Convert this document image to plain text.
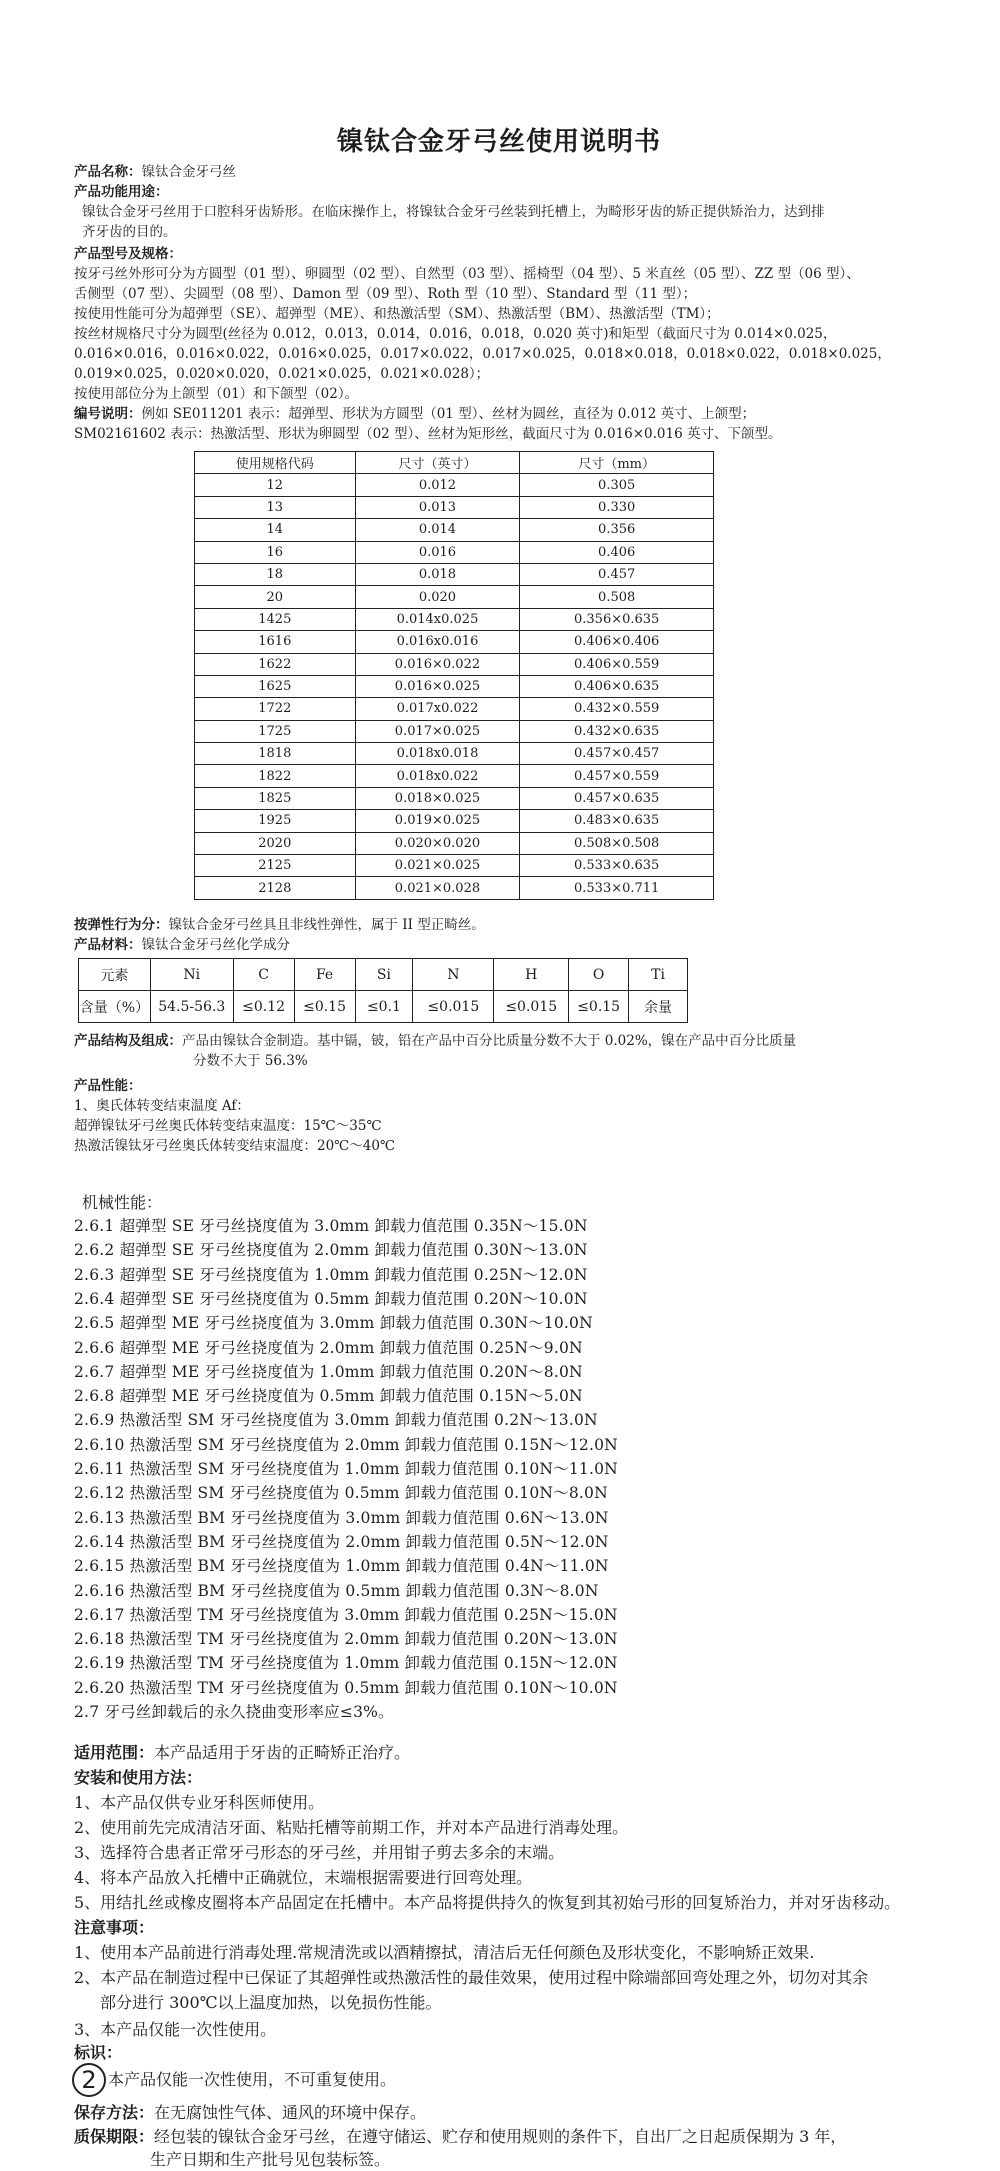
镍钛合金牙弓丝使用说明书
产品名称：镍钛合金牙弓丝
产品功能用途：
镍钛合金牙弓丝用于口腔科牙齿矫形。在临床操作上，将镍钛合金牙弓丝装到托槽上，为畸形牙齿的矫正提供矫治力，达到排
齐牙齿的目的。
产品型号及规格：
按牙弓丝外形可分为方圆型（01 型）、卵圆型（02 型）、自然型（03 型）、摇椅型（04 型）、5 米直丝（05 型）、ZZ 型（06 型）、
舌侧型（07 型）、尖圆型（08 型）、Damon 型（09 型）、Roth 型（10 型）、Standard 型（11 型）；
按使用性能可分为超弹型（SE）、超弹型（ME）、和热激活型（SM）、热激活型（BM）、热激活型（TM）；
按丝材规格尺寸分为圆型(丝径为 0.012，0.013，0.014，0.016，0.018，0.020 英寸)和矩型（截面尺寸为 0.014×0.025，
0.016×0.016，0.016×0.022，0.016×0.025，0.017×0.022，0.017×0.025，0.018×0.018，0.018×0.022，0.018×0.025，
0.019×0.025，0.020×0.020，0.021×0.025，0.021×0.028）；
按使用部位分为上颌型（01）和下颌型（02）。
编号说明：例如 SE011201 表示：超弹型、形状为方圆型（01 型）、丝材为圆丝，直径为 0.012 英寸、上颌型；
SM02161602 表示：热激活型、形状为卵圆型（02 型）、丝材为矩形丝，截面尺寸为 0.016×0.016 英寸、下颌型。
使用规格代码	尺寸（英寸）	尺寸（mm）
12	0.012	0.305
13	0.013	0.330
14	0.014	0.356
16	0.016	0.406
18	0.018	0.457
20	0.020	0.508
1425	0.014x0.025	0.356×0.635
1616	0.016x0.016	0.406×0.406
1622	0.016×0.022	0.406×0.559
1625	0.016×0.025	0.406×0.635
1722	0.017x0.022	0.432×0.559
1725	0.017×0.025	0.432×0.635
1818	0.018x0.018	0.457×0.457
1822	0.018x0.022	0.457×0.559
1825	0.018×0.025	0.457×0.635
1925	0.019×0.025	0.483×0.635
2020	0.020×0.020	0.508×0.508
2125	0.021×0.025	0.533×0.635
2128	0.021×0.028	0.533×0.711
按弹性行为分：镍钛合金牙弓丝具且非线性弹性，属于 II 型正畸丝。
产品材料：镍钛合金牙弓丝化学成分
元素	Ni	C	Fe	Si	N	H	O	Ti
含量（%）	54.5-56.3	≤0.12	≤0.15	≤0.1	≤0.015	≤0.015	≤0.15	余量
产品结构及组成：产品由镍钛合金制造。基中镉，铍，铅在产品中百分比质量分数不大于 0.02%，镍在产品中百分比质量
分数不大于 56.3%
产品性能：
1、奥氏体转变结束温度 Af：
超弹镍钛牙弓丝奥氏体转变结束温度：15℃～35℃
热激活镍钛牙弓丝奥氏体转变结束温度：20℃～40℃
机械性能：
2.6.1 超弹型 SE 牙弓丝挠度值为 3.0mm 卸载力值范围 0.35N～15.0N
2.6.2 超弹型 SE 牙弓丝挠度值为 2.0mm 卸载力值范围 0.30N～13.0N
2.6.3 超弹型 SE 牙弓丝挠度值为 1.0mm 卸载力值范围 0.25N～12.0N
2.6.4 超弹型 SE 牙弓丝挠度值为 0.5mm 卸载力值范围 0.20N～10.0N
2.6.5 超弹型 ME 牙弓丝挠度值为 3.0mm 卸载力值范围 0.30N～10.0N
2.6.6 超弹型 ME 牙弓丝挠度值为 2.0mm 卸载力值范围 0.25N～9.0N
2.6.7 超弹型 ME 牙弓丝挠度值为 1.0mm 卸载力值范围 0.20N～8.0N
2.6.8 超弹型 ME 牙弓丝挠度值为 0.5mm 卸载力值范围 0.15N～5.0N
2.6.9 热激活型 SM 牙弓丝挠度值为 3.0mm 卸载力值范围 0.2N～13.0N
2.6.10 热激活型 SM 牙弓丝挠度值为 2.0mm 卸载力值范围 0.15N～12.0N
2.6.11 热激活型 SM 牙弓丝挠度值为 1.0mm 卸载力值范围 0.10N～11.0N
2.6.12 热激活型 SM 牙弓丝挠度值为 0.5mm 卸载力值范围 0.10N～8.0N
2.6.13 热激活型 BM 牙弓丝挠度值为 3.0mm 卸载力值范围 0.6N～13.0N
2.6.14 热激活型 BM 牙弓丝挠度值为 2.0mm 卸载力值范围 0.5N～12.0N
2.6.15 热激活型 BM 牙弓丝挠度值为 1.0mm 卸载力值范围 0.4N～11.0N
2.6.16 热激活型 BM 牙弓丝挠度值为 0.5mm 卸载力值范围 0.3N～8.0N
2.6.17 热激活型 TM 牙弓丝挠度值为 3.0mm 卸载力值范围 0.25N～15.0N
2.6.18 热激活型 TM 牙弓丝挠度值为 2.0mm 卸载力值范围 0.20N～13.0N
2.6.19 热激活型 TM 牙弓丝挠度值为 1.0mm 卸载力值范围 0.15N～12.0N
2.6.20 热激活型 TM 牙弓丝挠度值为 0.5mm 卸载力值范围 0.10N～10.0N
2.7 牙弓丝卸载后的永久挠曲变形率应≤3%。
适用范围：本产品适用于牙齿的正畸矫正治疗。
安装和使用方法：
1、本产品仅供专业牙科医师使用。
2、使用前先完成清洁牙面、粘贴托槽等前期工作，并对本产品进行消毒处理。
3、选择符合患者正常牙弓形态的牙弓丝，并用钳子剪去多余的末端。
4、将本产品放入托槽中正确就位，末端根据需要进行回弯处理。
5、用结扎丝或橡皮圈将本产品固定在托槽中。本产品将提供持久的恢复到其初始弓形的回复矫治力，并对牙齿移动。
注意事项：
1、使用本产品前进行消毒处理.常规清洗或以酒精擦拭，清洁后无任何颜色及形状变化，不影响矫正效果.
2、本产品在制造过程中已保证了其超弹性或热激活性的最佳效果，使用过程中除端部回弯处理之外，切勿对其余
部分进行 300℃以上温度加热，以免损伤性能。
3、本产品仅能一次性使用。
标识：
2 本产品仅能一次性使用，不可重复使用。
保存方法：在无腐蚀性气体、通风的环境中保存。
质保期限：经包装的镍钛合金牙弓丝，在遵守储运、贮存和使用规则的条件下，自出厂之日起质保期为 3 年，
生产日期和生产批号见包装标签。
